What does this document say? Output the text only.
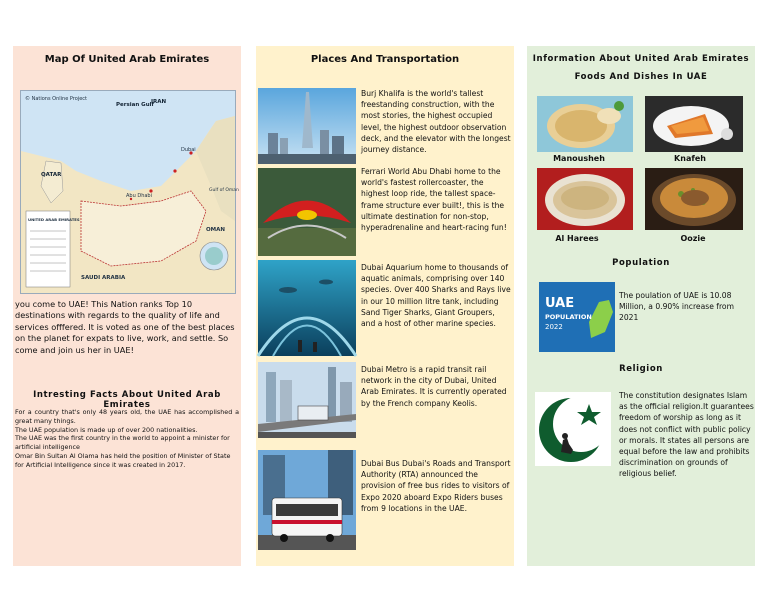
Map Of United Arab Emirates
© Nations Online Project
Persian Gulf
IRAN
QATAR
Dubai
Abu Dhabi
OMAN
SAUDI ARABIA
Gulf of Oman
UNITED ARAB EMIRATES
you come to UAE! This Nation ranks Top 10 destinations with regards to the quality of life and services offfered. It is voted as one of the best places on the planet for expats to live, work, and settle. So come and join us her in UAE!
Intresting Facts About United Arab Emirates
For a country that's only 48 years old, the UAE has accomplished a great many things.
The UAE population is made up of over 200 nationalities.
The UAE was the first country in the world to appoint a minister for artificial intelligence
Omar Bin Sultan Al Olama has held the position of Minister of State for Artificial Intelligence since it was created in 2017.
Places And Transportation
Burj Khalifa is the world's tallest freestanding construction, with the most stories, the highest occupied level, the highest outdoor observation deck, and the elevator with the longest journey distance.
Ferrari World Abu Dhabi home to the world's fastest rollercoaster, the highest loop ride, the tallest space-frame structure ever built!, this is the ultimate destination for non-stop, hyperadrenaline and heart-racing fun!
Dubai Aquarium home to thousands of aquatic animals, comprising over 140 species. Over 400 Sharks and Rays live in our 10 million litre tank, including Sand Tiger Sharks, Giant Groupers, and a host of other marine species.
Dubai Metro is a rapid transit rail network in the city of Dubai, United Arab Emirates. It is currently operated by the French company Keolis.
Dubai Bus Dubai's Roads and Transport Authority (RTA) announced the provision of free bus rides to visitors of Expo 2020 aboard Expo Riders buses from 9 locations in the UAE.
Information About United Arab Emirates
Foods And Dishes In UAE
Manousheh	Knafeh
Al Harees	Oozie
Population
UAE
POPULATION
2022
The poulation of UAE is 10.08 Million, a 0.90% increase from 2021
Religion
The constitution designates Islam as the official religion.It guarantees freedom of worship as long as it does not conflict with public policy or morals. It states all persons are equal before the law and prohibits discrimination on grounds of religious belief.
